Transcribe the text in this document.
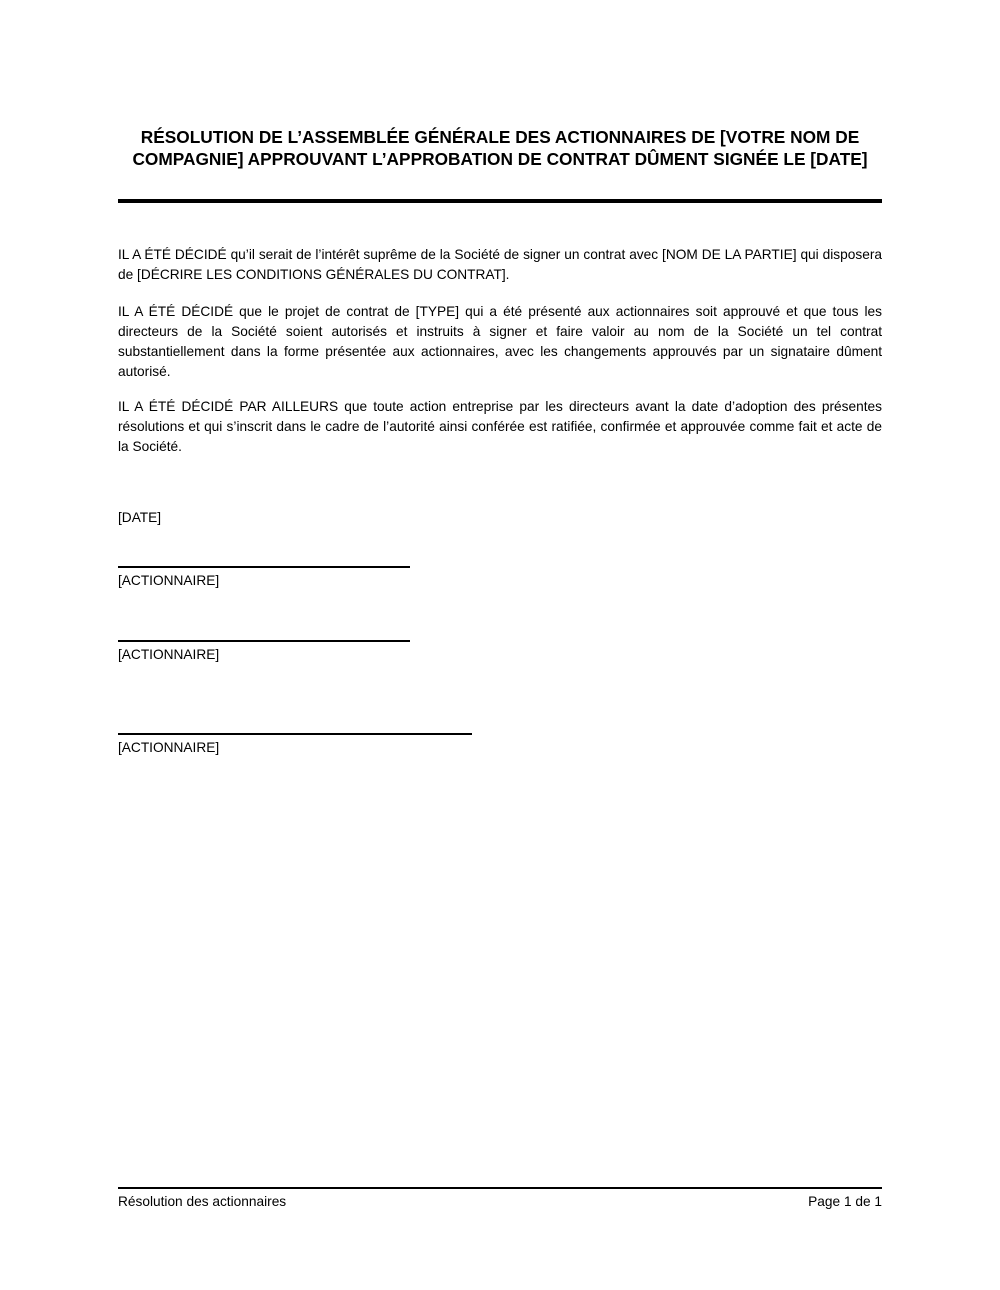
RÉSOLUTION DE L’ASSEMBLÉE GÉNÉRALE DES ACTIONNAIRES DE [VOTRE NOM DE COMPAGNIE] APPROUVANT L’APPROBATION DE CONTRAT DÛMENT SIGNÉE LE [DATE]

IL A ÉTÉ DÉCIDÉ qu’il serait de l’intérêt suprême de la Société de signer un contrat avec [NOM DE LA PARTIE] qui disposera de [DÉCRIRE LES CONDITIONS GÉNÉRALES DU CONTRAT].

IL A ÉTÉ DÉCIDÉ que le projet de contrat de [TYPE] qui a été présenté aux actionnaires soit approuvé et que tous les directeurs de la Société soient autorisés et instruits à signer et faire valoir au nom de la Société un tel contrat substantiellement dans la forme présentée aux actionnaires, avec les changements approuvés par un signataire dûment autorisé.

IL A ÉTÉ DÉCIDÉ PAR AILLEURS que toute action entreprise par les directeurs avant la date d’adoption des présentes résolutions et qui s’inscrit dans le cadre de l’autorité ainsi conférée est ratifiée, confirmée et approuvée comme fait et acte de la Société.

[DATE]

[ACTIONNAIRE]
[ACTIONNAIRE]
[ACTIONNAIRE]
Résolution des actionnaires	Page 1 de 1
